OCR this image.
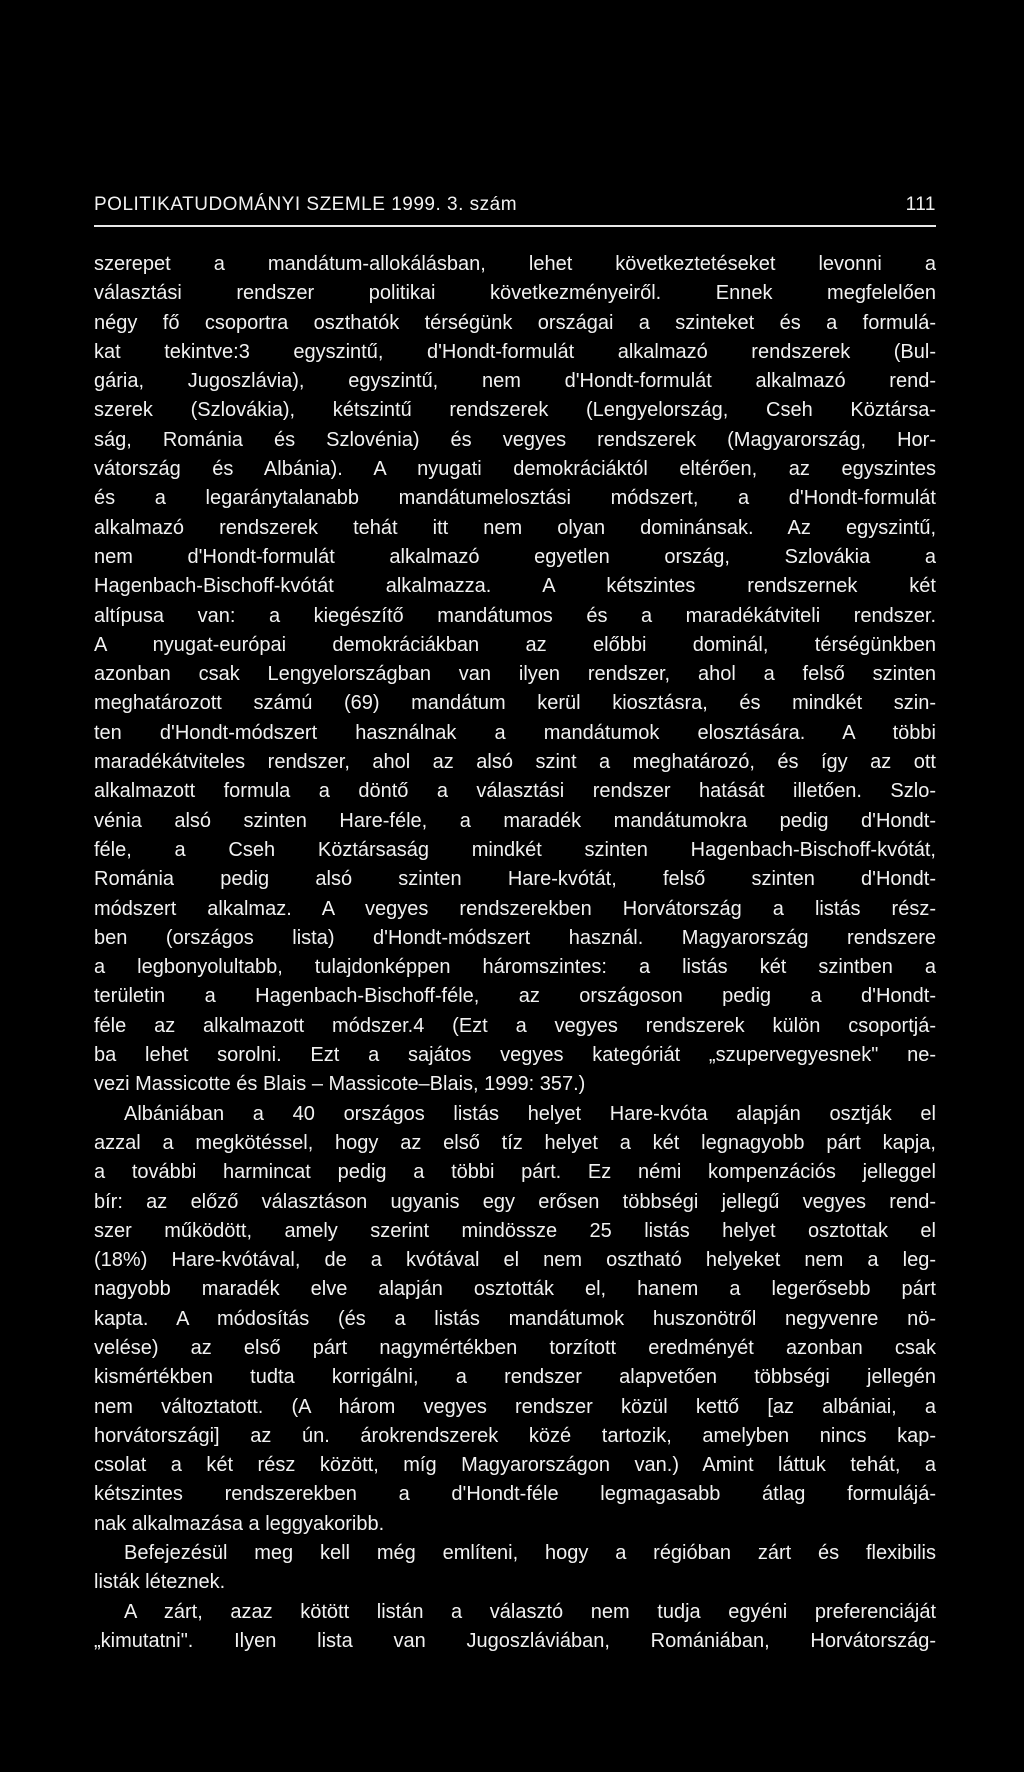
POLITIKATUDOMÁNYI SZEMLE 1999. 3. szám	111
szerepet a mandátum-allokálásban, lehet következtetéseket levonni a
választási rendszer politikai következményeiről. Ennek megfelelően
négy fő csoportra oszthatók térségünk országai a szinteket és a formulá-
kat tekintve:3 egyszintű, d'Hondt-formulát alkalmazó rendszerek (Bul-
gária, Jugoszlávia), egyszintű, nem d'Hondt-formulát alkalmazó rend-
szerek (Szlovákia), kétszintű rendszerek (Lengyelország, Cseh Köztársa-
ság, Románia és Szlovénia) és vegyes rendszerek (Magyarország, Hor-
vátország és Albánia). A nyugati demokráciáktól eltérően, az egyszintes
és a legaránytalanabb mandátumelosztási módszert, a d'Hondt-formulát
alkalmazó rendszerek tehát itt nem olyan dominánsak. Az egyszintű,
nem d'Hondt-formulát alkalmazó egyetlen ország, Szlovákia a
Hagenbach-Bischoff-kvótát alkalmazza. A kétszintes rendszernek két
altípusa van: a kiegészítő mandátumos és a maradékátviteli rendszer.
A nyugat-európai demokráciákban az előbbi dominál, térségünkben
azonban csak Lengyelországban van ilyen rendszer, ahol a felső szinten
meghatározott számú (69) mandátum kerül kiosztásra, és mindkét szin-
ten d'Hondt-módszert használnak a mandátumok elosztására. A többi
maradékátviteles rendszer, ahol az alsó szint a meghatározó, és így az ott
alkalmazott formula a döntő a választási rendszer hatását illetően. Szlo-
vénia alsó szinten Hare-féle, a maradék mandátumokra pedig d'Hondt-
féle, a Cseh Köztársaság mindkét szinten Hagenbach-Bischoff-kvótát,
Románia pedig alsó szinten Hare-kvótát, felső szinten d'Hondt-
módszert alkalmaz. A vegyes rendszerekben Horvátország a listás rész-
ben (országos lista) d'Hondt-módszert használ. Magyarország rendszere
a legbonyolultabb, tulajdonképpen háromszintes: a listás két szintben a
területin a Hagenbach-Bischoff-féle, az országoson pedig a d'Hondt-
féle az alkalmazott módszer.4 (Ezt a vegyes rendszerek külön csoportjá-
ba lehet sorolni. Ezt a sajátos vegyes kategóriát „szupervegyesnek" ne-
vezi Massicotte és Blais – Massicote–Blais, 1999: 357.)
Albániában a 40 országos listás helyet Hare-kvóta alapján osztják el
azzal a megkötéssel, hogy az első tíz helyet a két legnagyobb párt kapja,
a további harmincat pedig a többi párt. Ez némi kompenzációs jelleggel
bír: az előző választáson ugyanis egy erősen többségi jellegű vegyes rend-
szer működött, amely szerint mindössze 25 listás helyet osztottak el
(18%) Hare-kvótával, de a kvótával el nem osztható helyeket nem a leg-
nagyobb maradék elve alapján osztották el, hanem a legerősebb párt
kapta. A módosítás (és a listás mandátumok huszonötről negyvenre nö-
velése) az első párt nagymértékben torzított eredményét azonban csak
kismértékben tudta korrigálni, a rendszer alapvetően többségi jellegén
nem változtatott. (A három vegyes rendszer közül kettő [az albániai, a
horvátországi] az ún. árokrendszerek közé tartozik, amelyben nincs kap-
csolat a két rész között, míg Magyarországon van.) Amint láttuk tehát, a
kétszintes rendszerekben a d'Hondt-féle legmagasabb átlag formulájá-
nak alkalmazása a leggyakoribb.
Befejezésül meg kell még említeni, hogy a régióban zárt és flexibilis
listák léteznek.
A zárt, azaz kötött listán a választó nem tudja egyéni preferenciáját
„kimutatni". Ilyen lista van Jugoszláviában, Romániában, Horvátország-
